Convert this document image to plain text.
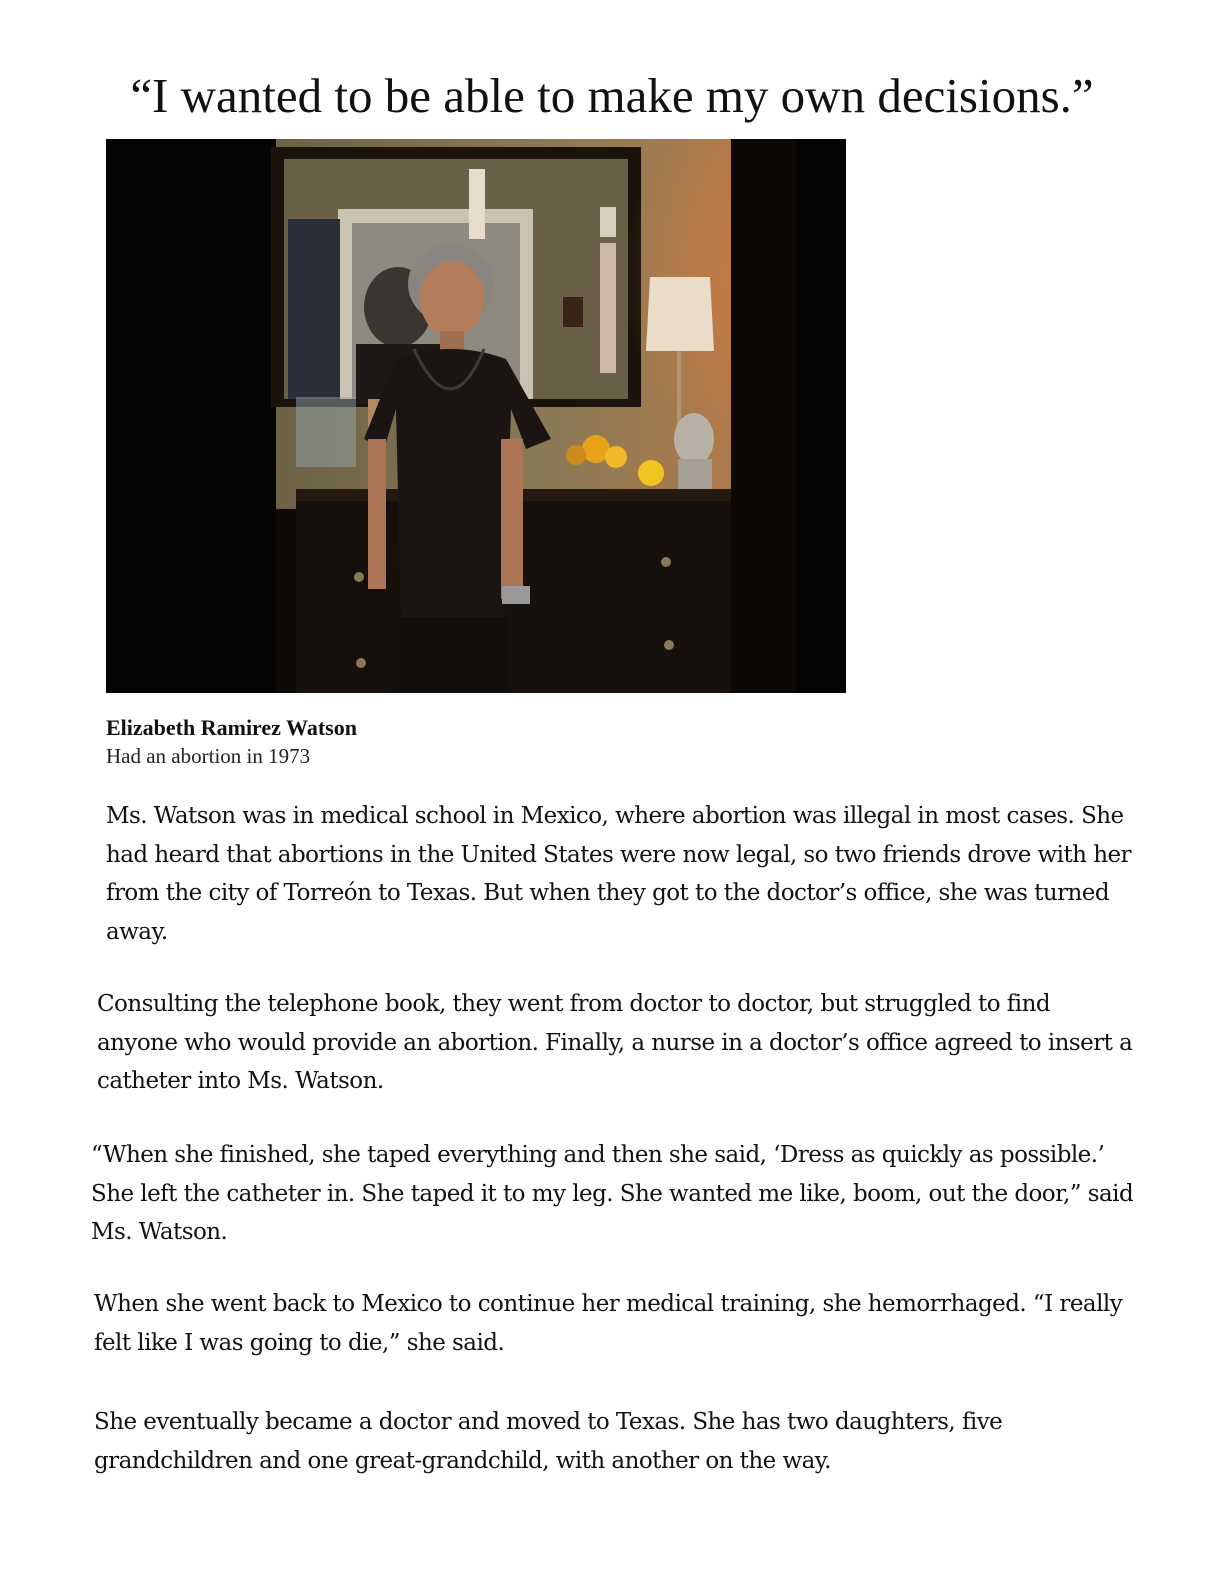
“I wanted to be able to make my own decisions.”
Elizabeth Ramirez Watson
Had an abortion in 1973

Ms. Watson was in medical school in Mexico, where abortion was illegal in most cases. She had heard that abortions in the United States were now legal, so two friends drove with her from the city of Torreón to Texas. But when they got to the doctor’s office, she was turned away.

Consulting the telephone book, they went from doctor to doctor, but struggled to find anyone who would provide an abortion. Finally, a nurse in a doctor’s office agreed to insert a catheter into Ms. Watson.

“When she finished, she taped everything and then she said, ‘Dress as quickly as possible.’ She left the catheter in. She taped it to my leg. She wanted me like, boom, out the door,” said Ms. Watson.

When she went back to Mexico to continue her medical training, she hemorrhaged. “I really felt like I was going to die,” she said.

She eventually became a doctor and moved to Texas. She has two daughters, five grandchildren and one great-grandchild, with another on the way.
